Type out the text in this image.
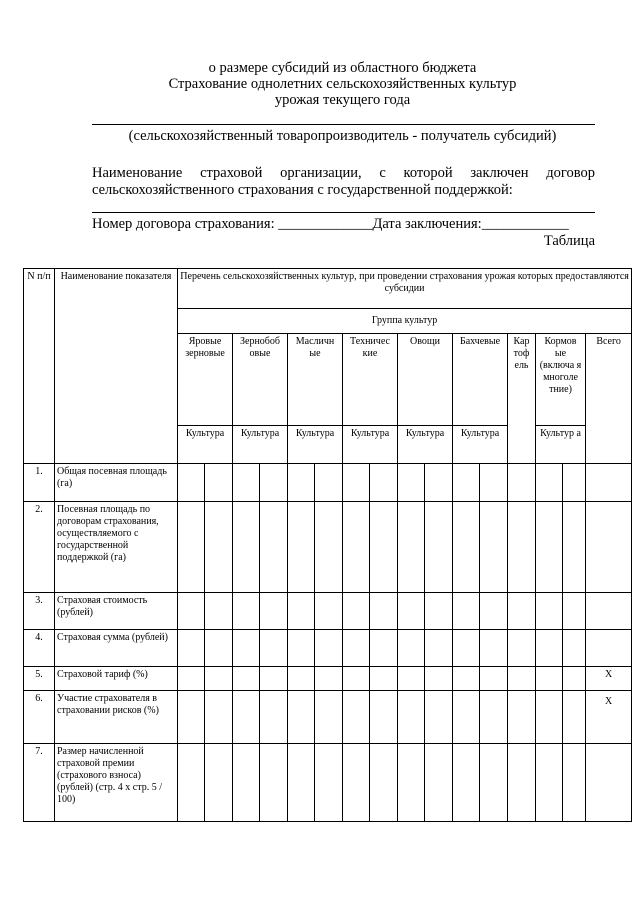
о размере субсидий из областного бюджета
Страхование однолетних сельскохозяйственных культур
урожая текущего года
(сельскохозяйственный товаропроизводитель - получатель субсидий)
Наименование страховой организации, с которой заключен договор сельскохозяйственного страхования с государственной поддержкой:
Номер договора страхования: _____________Дата заключения:____________
Таблица
N п/п	Наименование показателя	Перечень сельскохозяйственных культур, при проведении страхования урожая которых предоставляются субсидии															
		Группа культур															
		Яровые зерновые		Зернобоб овые		Масличн ые		Техничес кие		Овощи		Бахчевые		Кар тоф ель	Кормов ые (включа я многоле тние)		Всего
		Культура		Культура		Культура		Культура		Культура		Культура			Культур а		
1.	Общая посевная площадь (га)																
2.	Посевная площадь по договорам страхования, осуществляемого с государственной поддержкой (га)																
3.	Страховая стоимость (рублей)																
4.	Страховая сумма (рублей)																
5.	Страховой тариф (%)																X
6.	Участие страхователя в страховании рисков (%)																X
7.	Размер начисленной страховой премии (страхового взноса) (рублей) (стр. 4 x стр. 5 / 100)																
